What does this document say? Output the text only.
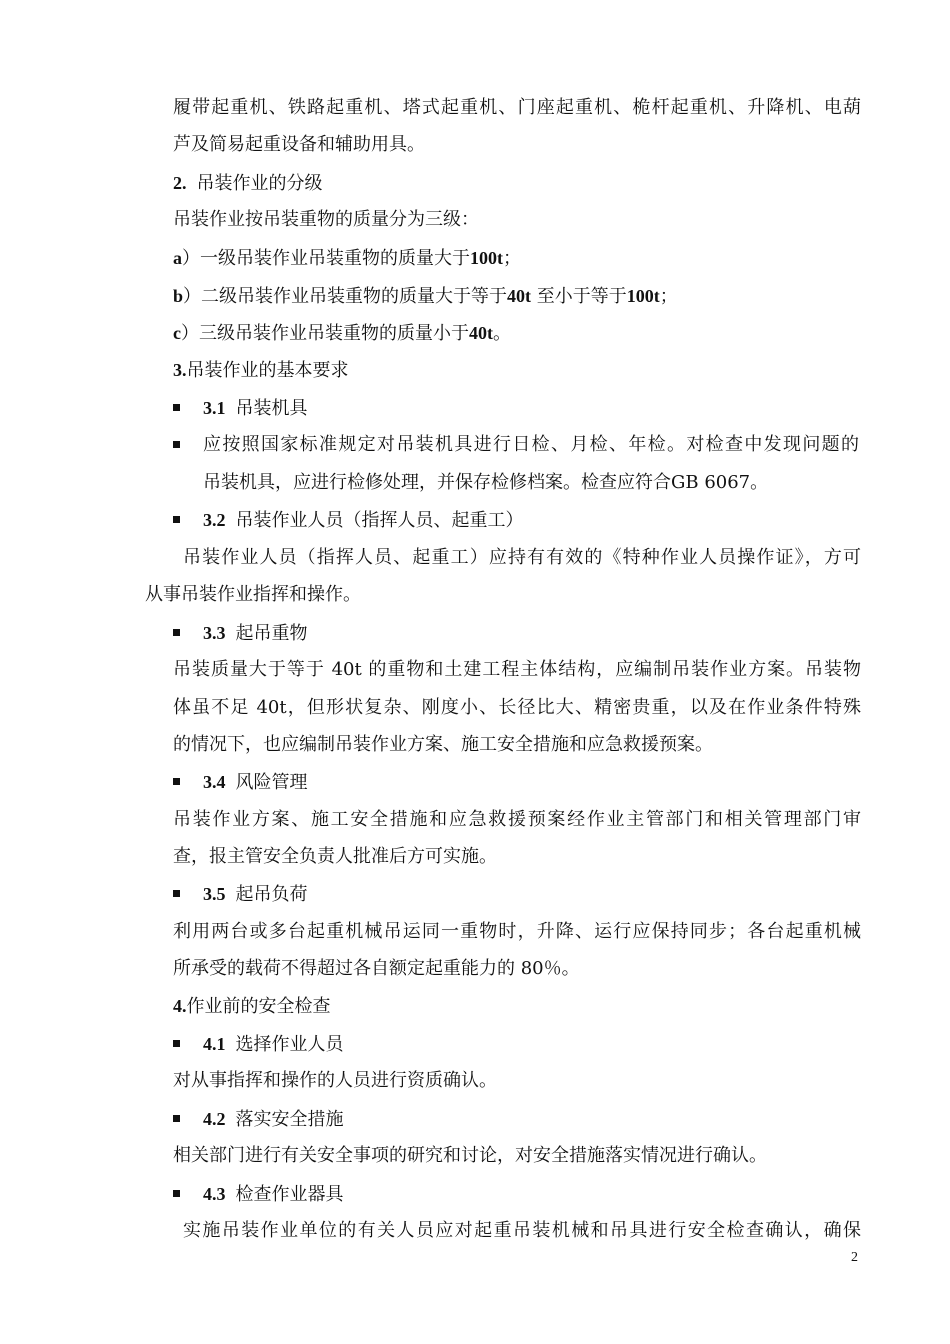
履带起重机、铁路起重机、塔式起重机、门座起重机、桅杆起重机、升降机、电葫
芦及简易起重设备和辅助用具。
2. 吊装作业的分级
吊装作业按吊装重物的质量分为三级：
a）一级吊装作业吊装重物的质量大于100t；
b）二级吊装作业吊装重物的质量大于等于40t 至小于等于100t；
c）三级吊装作业吊装重物的质量小于40t。
3.吊装作业的基本要求
3.1 吊装机具
应按照国家标准规定对吊装机具进行日检、月检、年检。对检查中发现问题的
吊装机具，应进行检修处理，并保存检修档案。检查应符合GB 6067。
3.2 吊装作业人员（指挥人员、起重工）
吊装作业人员（指挥人员、起重工）应持有有效的《特种作业人员操作证》，方可
从事吊装作业指挥和操作。
3.3 起吊重物
吊装质量大于等于 40t 的重物和土建工程主体结构，应编制吊装作业方案。吊装物
体虽不足 40t，但形状复杂、刚度小、长径比大、精密贵重，以及在作业条件特殊
的情况下，也应编制吊装作业方案、施工安全措施和应急救援预案。
3.4 风险管理
吊装作业方案、施工安全措施和应急救援预案经作业主管部门和相关管理部门审
查，报主管安全负责人批准后方可实施。
3.5 起吊负荷
利用两台或多台起重机械吊运同一重物时，升降、运行应保持同步；各台起重机械
所承受的载荷不得超过各自额定起重能力的 80％。
4.作业前的安全检查
4.1 选择作业人员
对从事指挥和操作的人员进行资质确认。
4.2 落实安全措施
相关部门进行有关安全事项的研究和讨论，对安全措施落实情况进行确认。
4.3 检查作业器具
实施吊装作业单位的有关人员应对起重吊装机械和吊具进行安全检查确认，确保
2
